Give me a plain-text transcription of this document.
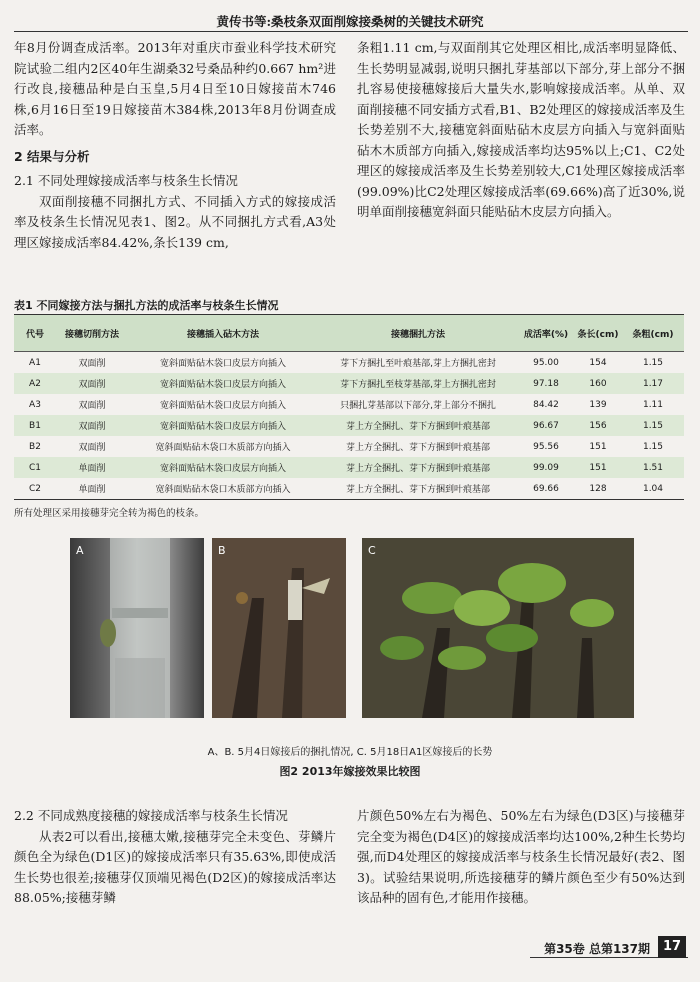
黄传书等:桑枝条双面削嫁接桑树的关键技术研究

年8月份调查成活率。2013年对重庆市蚕业科学技术研究院试验二组内2区40年生湖桑32号桑品种约0.667 hm²进行改良,接穗品种是白玉皇,5月4日至10日嫁接苗木746株,6月16日至19日嫁接苗木384株,2013年8月份调查成活率。

2 结果与分析

2.1 不同处理嫁接成活率与枝条生长情况

双面削接穗不同捆扎方式、不同插入方式的嫁接成活率及枝条生长情况见表1、图2。从不同捆扎方式看,A3处理区嫁接成活率84.42%,条长139 cm,

条粗1.11 cm,与双面削其它处理区相比,成活率明显降低、生长势明显减弱,说明只捆扎芽基部以下部分,芽上部分不捆扎容易使接穗嫁接后大量失水,影响嫁接成活率。从单、双面削接穗不同安插方式看,B1、B2处理区的嫁接成活率及生长势差别不大,接穗宽斜面贴砧木皮层方向插入与宽斜面贴砧木木质部方向插入,嫁接成活率均达95%以上;C1、C2处理区的嫁接成活率及生长势差别较大,C1处理区嫁接成活率(99.09%)比C2处理区嫁接成活率(69.66%)高了近30%,说明单面削接穗宽斜面只能贴砧木皮层方向插入。

表1 不同嫁接方法与捆扎方法的成活率与枝条生长情况
代号	接穗切削方法	接穗插入砧木方法	接穗捆扎方法	成活率(%)	条长(cm)	条粗(cm)
A1	双面削	宽斜面贴砧木袋口皮层方向插入	芽下方捆扎至叶痕基部,芽上方捆扎密封	95.00	154	1.15
A2	双面削	宽斜面贴砧木袋口皮层方向插入	芽下方捆扎至枝芽基部,芽上方捆扎密封	97.18	160	1.17
A3	双面削	宽斜面贴砧木袋口皮层方向插入	只捆扎芽基部以下部分,芽上部分不捆扎	84.42	139	1.11
B1	双面削	宽斜面贴砧木袋口皮层方向插入	芽上方全捆扎、芽下方捆到叶痕基部	96.67	156	1.15
B2	双面削	宽斜面贴砧木袋口木质部方向插入	芽上方全捆扎、芽下方捆到叶痕基部	95.56	151	1.15
C1	单面削	宽斜面贴砧木袋口皮层方向插入	芽上方全捆扎、芽下方捆到叶痕基部	99.09	151	1.51
C2	单面削	宽斜面贴砧木袋口木质部方向插入	芽上方全捆扎、芽下方捆到叶痕基部	69.66	128	1.04
所有处理区采用接穗芽完全转为褐色的枝条。
A	B	C
A、B. 5月4日嫁接后的捆扎情况, C. 5月18日A1区嫁接后的长势
图2 2013年嫁接效果比较图

2.2 不同成熟度接穗的嫁接成活率与枝条生长情况

从表2可以看出,接穗太嫩,接穗芽完全未变色、芽鳞片颜色全为绿色(D1区)的嫁接成活率只有35.63%,即使成活生长势也很差;接穗芽仅顶端见褐色(D2区)的嫁接成活率达88.05%;接穗芽鳞

片颜色50%左右为褐色、50%左右为绿色(D3区)与接穗芽完全变为褐色(D4区)的嫁接成活率均达100%,2种生长势均强,而D4处理区的嫁接成活率与枝条生长情况最好(表2、图3)。试验结果说明,所选接穗芽的鳞片颜色至少有50%达到该品种的固有色,才能用作接穗。

第35卷 总第137期 17
